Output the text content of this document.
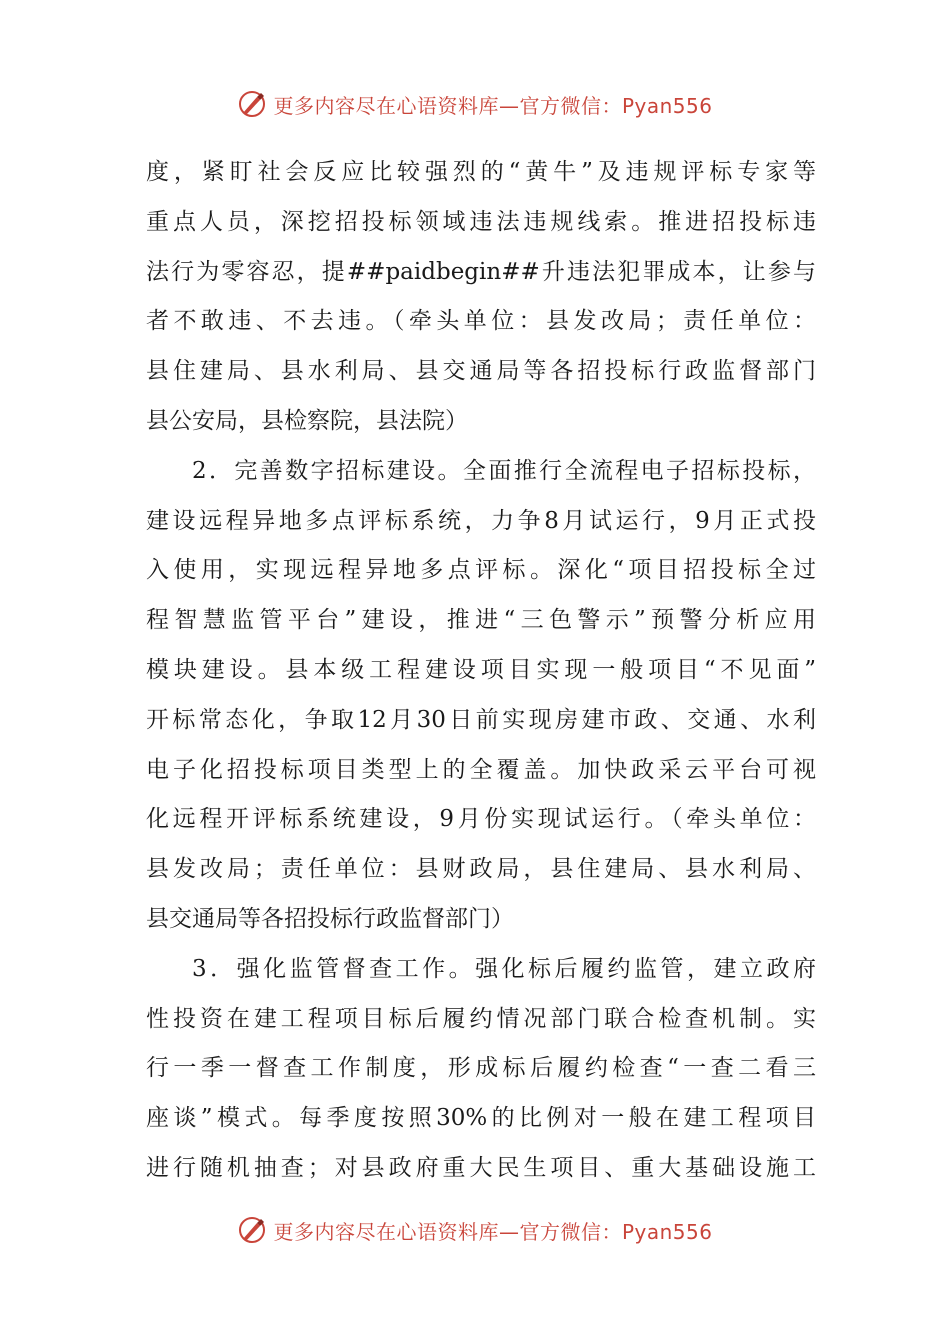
更多内容尽在心语资料库 —官方微信：Pyan556
度，紧盯社会反应比较强烈的“黄牛”及违规评标专家等
重点人员，深挖招投标领域违法违规线索。推进招投标违
法行为零容忍，提##paidbegin##升违法犯罪成本，让参与
者不敢违、不去违。（牵头单位：县发改局；责任单位：
县住建局、县水利局、县交通局等各招投标行政监督部门
县公安局，县检察院，县法院）
2．完善数字招标建设。全面推行全流程电子招标投标，
建设远程异地多点评标系统，力争8月试运行，9月正式投
入使用，实现远程异地多点评标。深化“项目招投标全过
程智慧监管平台”建设，推进“三色警示”预警分析应用
模块建设。县本级工程建设项目实现一般项目“不见面”
开标常态化，争取12月30日前实现房建市政、交通、水利
电子化招投标项目类型上的全覆盖。加快政采云平台可视
化远程开评标系统建设，9月份实现试运行。（牵头单位：
县发改局；责任单位：县财政局，县住建局、县水利局、
县交通局等各招投标行政监督部门）
3．强化监管督查工作。强化标后履约监管，建立政府
性投资在建工程项目标后履约情况部门联合检查机制。实
行一季一督查工作制度，形成标后履约检查“一查二看三
座谈”模式。每季度按照30%的比例对一般在建工程项目
进行随机抽查；对县政府重大民生项目、重大基础设施工
更多内容尽在心语资料库 —官方微信：Pyan556
